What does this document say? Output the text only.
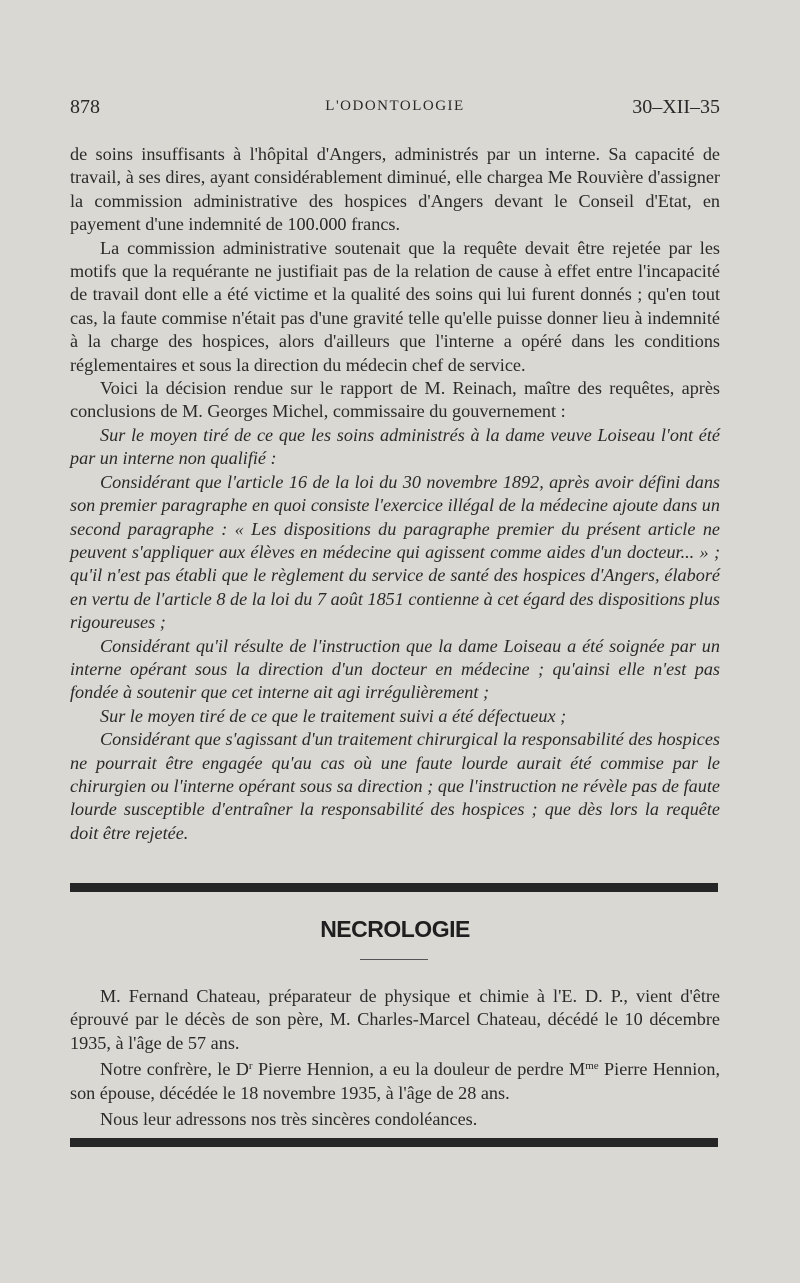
878	L'ODONTOLOGIE	30–XII–35

de soins insuffisants à l'hôpital d'Angers, administrés par un interne. Sa capacité de travail, à ses dires, ayant considérablement diminué, elle chargea Me Rouvière d'assigner la commission administrative des hospices d'Angers devant le Conseil d'Etat, en payement d'une indemnité de 100.000 francs.

La commission administrative soutenait que la requête devait être rejetée par les motifs que la requérante ne justifiait pas de la relation de cause à effet entre l'incapacité de travail dont elle a été victime et la qualité des soins qui lui furent donnés ; qu'en tout cas, la faute commise n'était pas d'une gravité telle qu'elle puisse donner lieu à indemnité à la charge des hospices, alors d'ailleurs que l'interne a opéré dans les conditions réglementaires et sous la direction du médecin chef de service.

Voici la décision rendue sur le rapport de M. Reinach, maître des requêtes, après conclusions de M. Georges Michel, commissaire du gouvernement :

Sur le moyen tiré de ce que les soins administrés à la dame veuve Loiseau l'ont été par un interne non qualifié :

Considérant que l'article 16 de la loi du 30 novembre 1892, après avoir défini dans son premier paragraphe en quoi consiste l'exercice illégal de la médecine ajoute dans un second paragraphe : « Les dispositions du paragraphe premier du présent article ne peuvent s'appliquer aux élèves en médecine qui agissent comme aides d'un docteur... » ; qu'il n'est pas établi que le règlement du service de santé des hospices d'Angers, élaboré en vertu de l'article 8 de la loi du 7 août 1851 contienne à cet égard des dispositions plus rigoureuses ;

Considérant qu'il résulte de l'instruction que la dame Loiseau a été soignée par un interne opérant sous la direction d'un docteur en médecine ; qu'ainsi elle n'est pas fondée à soutenir que cet interne ait agi irrégulièrement ;

Sur le moyen tiré de ce que le traitement suivi a été défectueux ;

Considérant que s'agissant d'un traitement chirurgical la responsabilité des hospices ne pourrait être engagée qu'au cas où une faute lourde aurait été commise par le chirurgien ou l'interne opérant sous sa direction ; que l'instruction ne révèle pas de faute lourde susceptible d'entraîner la responsabilité des hospices ; que dès lors la requête doit être rejetée.

NECROLOGIE

M. Fernand Chateau, préparateur de physique et chimie à l'E. D. P., vient d'être éprouvé par le décès de son père, M. Charles-Marcel Chateau, décédé le 10 décembre 1935, à l'âge de 57 ans.

Notre confrère, le $D^r$ Pierre Hennion, a eu la douleur de perdre $M^{me}$ Pierre Hennion, son épouse, décédée le 18 novembre 1935, à l'âge de 28 ans.

Nous leur adressons nos très sincères condoléances.
